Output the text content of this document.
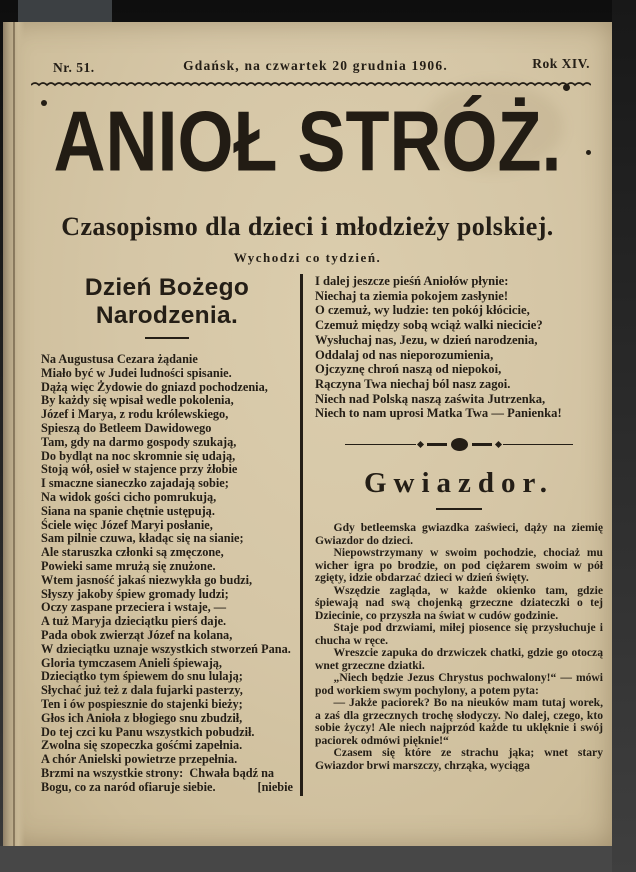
Nr. 51.	Gdańsk, na czwartek 20 grudnia 1906.	Rok XIV.
ANIOŁ STRÓŻ.
Czasopismo dla dzieci i młodzieży polskiej.
Wychodzi co tydzień.
Dzień Bożego Narodzenia.
Na Augustusa Cezara żądanie
Miało być w Judei ludności spisanie.
Dążą więc Żydowie do gniazd pochodzenia,
By każdy się wpisał wedle pokolenia,
Józef i Marya, z rodu królewskiego,
Spieszą do Betleem Dawidowego
Tam, gdy na darmo gospody szukają,
Do bydląt na noc skromnie się udają,
Stoją wół, osieł w stajence przy żłobie
I smaczne sianeczko zajadają sobie;
Na widok gości cicho pomrukują,
Siana na spanie chętnie ustępują.
Ściele więc Józef Maryi posłanie,
Sam pilnie czuwa, kładąc się na sianie;
Ale staruszka członki są zmęczone,
Powieki same mrużą się znużone.
Wtem jasność jakaś niezwykła go budzi,
Słyszy jakoby śpiew gromady ludzi;
Oczy zaspane przeciera i wstaje, —
A tuż Maryja dzieciątku pierś daje.
Pada obok zwierząt Józef na kolana,
W dzieciątku uznaje wszystkich stworzeń Pana.
Gloria tymczasem Anieli śpiewają,
Dzieciątko tym śpiewem do snu lulają;
Słychać już też z dala fujarki pasterzy,
Ten i ów pospiesznie do stajenki bieży;
Głos ich Anioła z błogiego snu zbudził,
Do tej czci ku Panu wszystkich pobudził.
Zwolna się szopeczka gośćmi zapełnia.
A chór Anielski powietrze przepełnia.
Brzmi na wszystkie strony:  Chwała bądź na
Bogu, co za naród ofiaruje siebie.	[niebie
I dalej jeszcze pieśń Aniołów płynie:
Niechaj ta ziemia pokojem zasłynie!
O czemuż, wy ludzie: ten pokój kłócicie,
Czemuż między sobą wciąż walki niecicie?
Wysłuchaj nas, Jezu, w dzień narodzenia,
Oddalaj od nas nieporozumienia,
Ojczyznę chroń naszą od niepokoi,
Rączyna Twa niechaj ból nasz zagoi.
Niech nad Polską naszą zaświta Jutrzenka,
Niech to nam uprosi Matka Twa — Panienka!
Gwiazdor.
Gdy betleemska gwiazdka zaświeci, dąży na ziemię Gwiazdor do dzieci.
Niepowstrzymany w swoim pochodzie, chociaż mu wicher igra po brodzie, on pod ciężarem swoim w pół zgięty, idzie obdarzać dzieci w dzień święty.
Wszędzie zagląda, w każde okienko tam, gdzie śpiewają nad swą chojenką grzeczne dziateczki o tej Dziecinie, co przyszła na świat w cudów godzinie.
Staje pod drzwiami, miłej piosence się przysłuchuje i chucha w ręce.
Wreszcie zapuka do drzwiczek chatki, gdzie go otoczą wnet grzeczne dziatki.
„Niech będzie Jezus Chrystus pochwalony!“ — mówi pod workiem swym pochylony, a potem pyta:
— Jakże paciorek? Bo na nieuków mam tutaj worek, a zaś dla grzecznych trochę słodyczy. No dalej, czego, kto sobie życzy! Ale niech najprzód każde tu uklęknie i swój paciorek odmówi pięknie!“
Czasem się które ze strachu jąka; wnet stary Gwiazdor brwi marszczy, chrząka, wyciąga
